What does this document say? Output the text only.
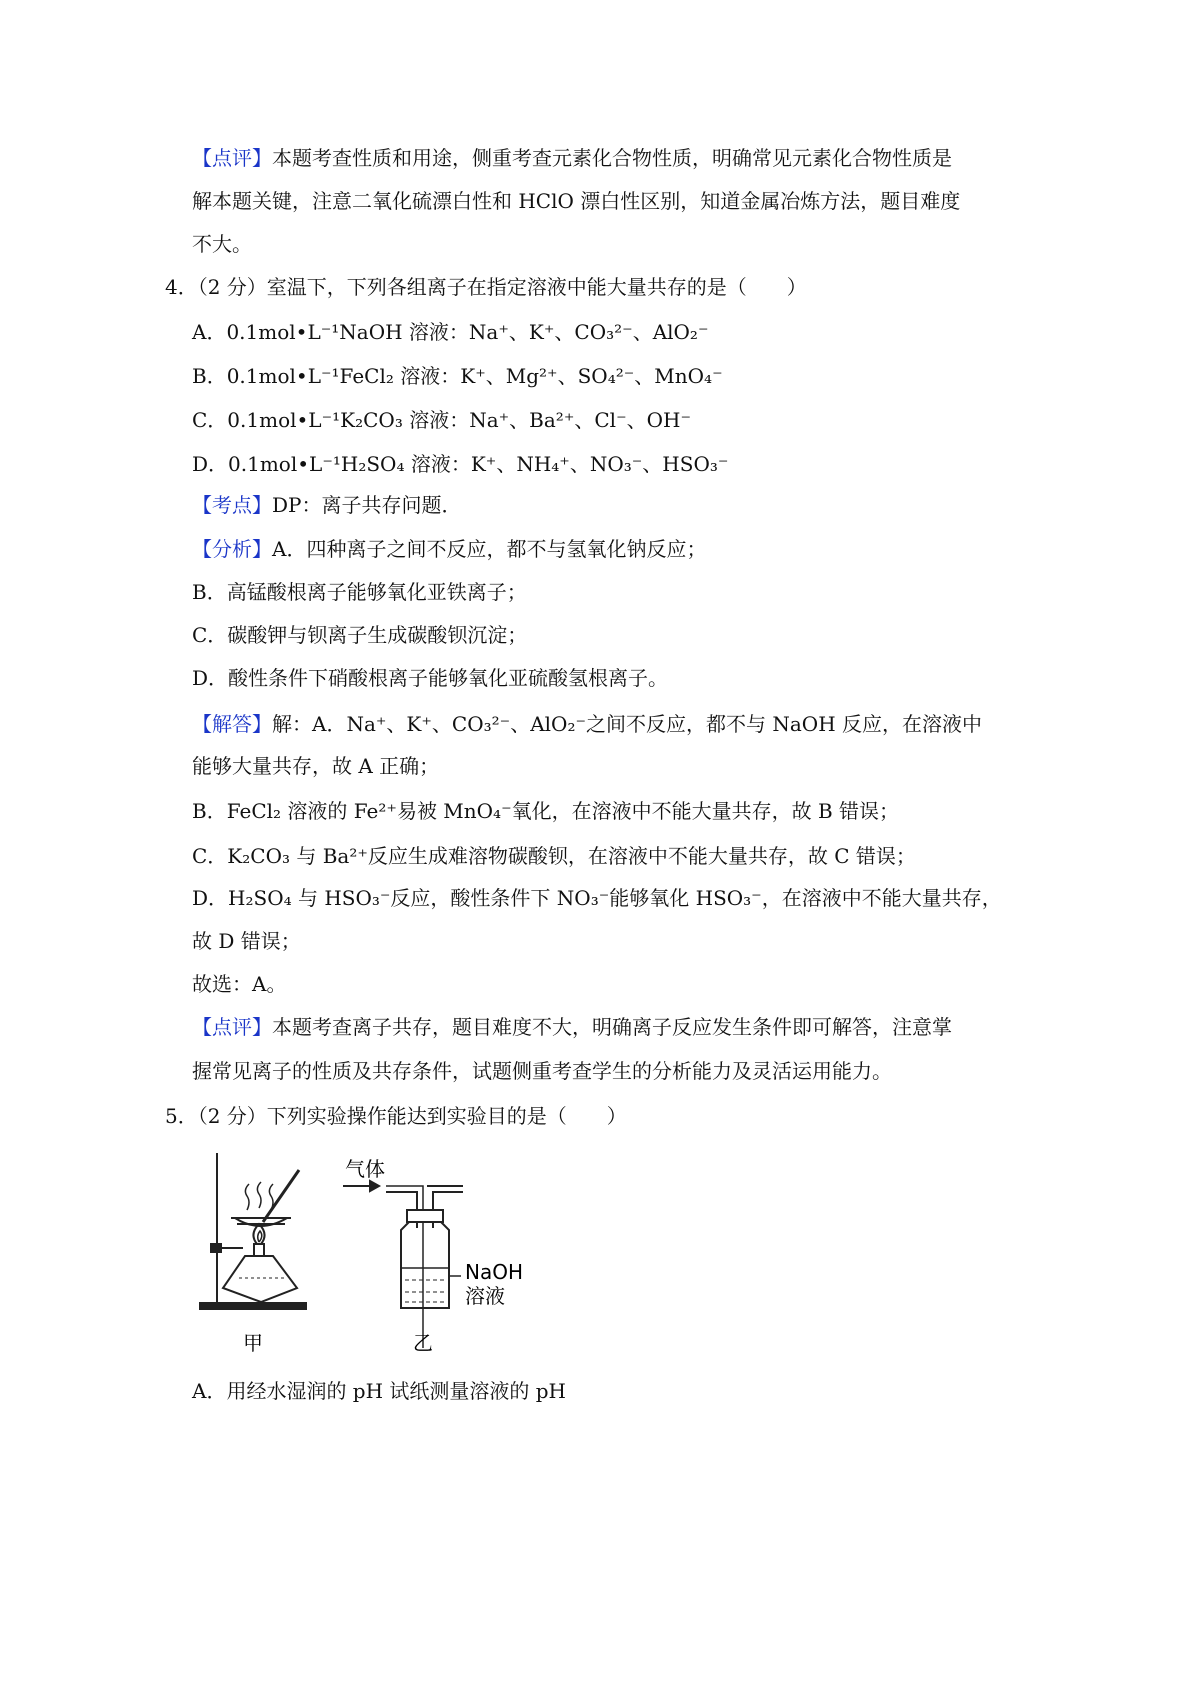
【点评】本题考查性质和用途，侧重考查元素化合物性质，明确常见元素化合物性质是
解本题关键，注意二氧化硫漂白性和 HClO 漂白性区别，知道金属冶炼方法，题目难度
不大。
4．（2 分）室温下，下列各组离子在指定溶液中能大量共存的是（　　）
A．0.1mol•L⁻¹NaOH 溶液：Na⁺、K⁺、CO₃²⁻、AlO₂⁻
B．0.1mol•L⁻¹FeCl₂ 溶液：K⁺、Mg²⁺、SO₄²⁻、MnO₄⁻
C．0.1mol•L⁻¹K₂CO₃ 溶液：Na⁺、Ba²⁺、Cl⁻、OH⁻
D．0.1mol•L⁻¹H₂SO₄ 溶液：K⁺、NH₄⁺、NO₃⁻、HSO₃⁻
【考点】DP：离子共存问题．
【分析】A．四种离子之间不反应，都不与氢氧化钠反应；
B．高锰酸根离子能够氧化亚铁离子；
C．碳酸钾与钡离子生成碳酸钡沉淀；
D．酸性条件下硝酸根离子能够氧化亚硫酸氢根离子。
【解答】解：A．Na⁺、K⁺、CO₃²⁻、AlO₂⁻之间不反应，都不与 NaOH 反应，在溶液中
能够大量共存，故 A 正确；
B．FeCl₂ 溶液的 Fe²⁺易被 MnO₄⁻氧化，在溶液中不能大量共存，故 B 错误；
C．K₂CO₃ 与 Ba²⁺反应生成难溶物碳酸钡，在溶液中不能大量共存，故 C 错误；
D．H₂SO₄ 与 HSO₃⁻反应，酸性条件下 NO₃⁻能够氧化 HSO₃⁻，在溶液中不能大量共存，
故 D 错误；
故选：A。
【点评】本题考查离子共存，题目难度不大，明确离子反应发生条件即可解答，注意掌
握常见离子的性质及共存条件，试题侧重考查学生的分析能力及灵活运用能力。
5．（2 分）下列实验操作能达到实验目的是（　　）
气体
NaOH
溶液
甲	乙
A．用经水湿润的 pH 试纸测量溶液的 pH
